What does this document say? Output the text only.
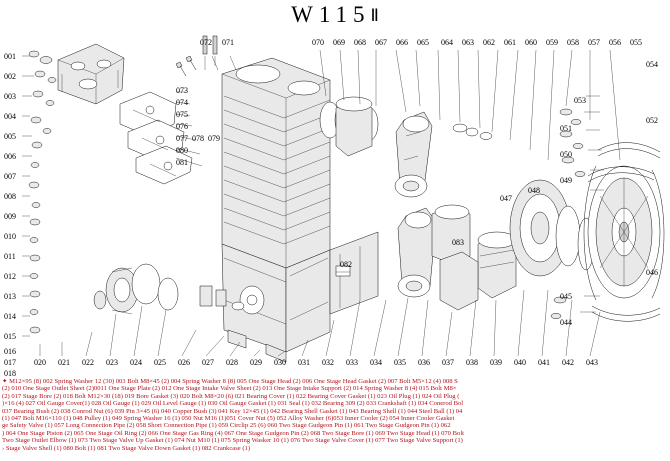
W115Ⅱ
001
002
003
004
005
006
007
008
009
010
011
012
013
014
015
016
017
018
072 071	070 069 068 067 066 065 064 063 062 061 060 059 058 057 056 055
073
074
075
076
077 078 079
080
081
054
053
052
051
050
049
048
047
046
045
044
082
083
020 021 022 023 024 025 026 027 028 029 030 031 032 033 034 035 036 037 038 039 040 041 042 043
✦ M12×95 (8) 002 Spring Washer 12 (30) 003 Bolt M8×45 (2) 004 Spring Washer 8 (8) 005 One Stage Head (2) 006 One Stage Head Gasket (2) 007 Bolt M5×12 (4) 008 S
(2) 010 One Stage Outlet Sheet (2)0011 One Stage Plate (2) 012 One Stage Intake Valve Sheet (2) 013 One Stage Intake Support (2) 014 Spring Washer 8 (4) 015 Bolt M8×
(2) 017 Stage Bore (2) 018 Bolt M12×30 (18) 019 Bore Gasket (3) 020 Bolt M8×20 (6) 021 Bearing Cover (1) 022 Bearing Cover Gasket (1) 023 Oil Plug (1) 024 Oil Plug (
)×16 (4) 027 Oil Gauge Cover(1) 028 Oil Gauge (1) 029 Oil Level Gauge (1) 030 Oil Gauge Gasket (1) 031 Seal (1) 032 Bearing 309 (2) 033 Crankshaft (1) 034 Conerod Bol
037 Bearing Bush (2) 038 Conrod Nut (6) 039 Pin 3×45 (6) 040 Copper Bush (3) 041 Key 12×45 (1) 042 Bearing Shell Gasket (1) 043 Bearing Shell (1) 044 Steel Ball (1) 04
(1) 047 Bolt M16×110 (1) 048 Pulley (1) 049 Spring Washer 16 (1) 050 Nut M16 (1)051 Cover Nut (5) 052 Alloy Washer (6)053 Inner Cooler (2) 054 Inner Cooler Gasket
ge Safety Valve (1) 057 Long Connection Pipe (2) 058 Short Connection Pipe (1) 059 Circlip 25 (6) 060 Two Stage Gudgeon Pin (1) 061 Two Stage Gudgeon Pin (1) 062
) 064 One Stage Piston (2) 065 One Stage Oil Ring (2) 066 One Stage Gas Ring (4) 067 One Stage Gudgeon Pin (2) 068 Two Stage Bore (1) 069 Two Stage Head (1) 070 Bolt
Two Stage Outlet Elbow (1) 073 Two Stage Valve Up Gasket (1) 074 Nut M10 (1) 075 Spring Wasker 10 (1) 076 Two Stage Valve Cover (1) 077 Two Stage Valve Support (1)
› Stage Valve Shell (1) 080 Bolt (1) 081 Two Stage Valve Down Gasket (1) 082 Crankcase (1)
